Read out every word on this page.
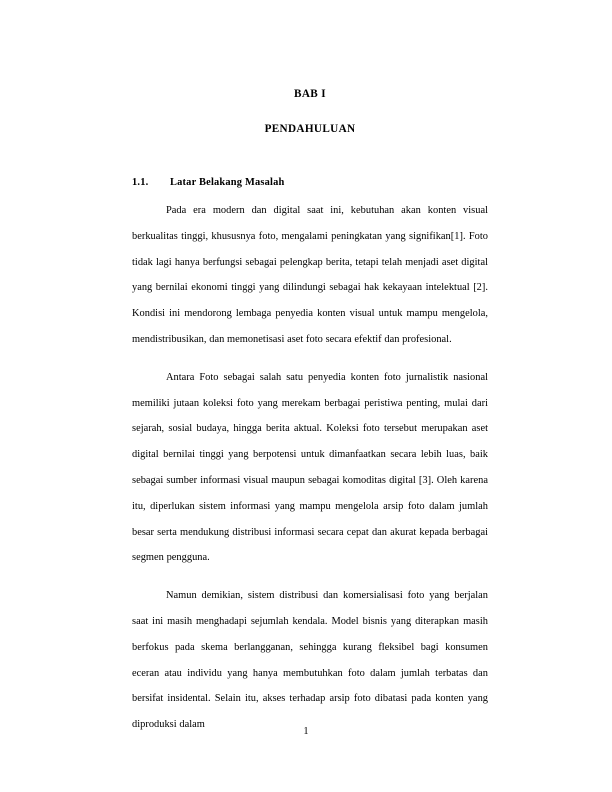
BAB I
PENDAHULUAN
1.1. Latar Belakang Masalah

Pada era modern dan digital saat ini, kebutuhan akan konten visual berkualitas tinggi, khususnya foto, mengalami peningkatan yang signifikan[1]. Foto tidak lagi hanya berfungsi sebagai pelengkap berita, tetapi telah menjadi aset digital yang bernilai ekonomi tinggi yang dilindungi sebagai hak kekayaan intelektual [2]. Kondisi ini mendorong lembaga penyedia konten visual untuk mampu mengelola, mendistribusikan, dan memonetisasi aset foto secara efektif dan profesional.

Antara Foto sebagai salah satu penyedia konten foto jurnalistik nasional memiliki jutaan koleksi foto yang merekam berbagai peristiwa penting, mulai dari sejarah, sosial budaya, hingga berita aktual. Koleksi foto tersebut merupakan aset digital bernilai tinggi yang berpotensi untuk dimanfaatkan secara lebih luas, baik sebagai sumber informasi visual maupun sebagai komoditas digital [3]. Oleh karena itu, diperlukan sistem informasi yang mampu mengelola arsip foto dalam jumlah besar serta mendukung distribusi informasi secara cepat dan akurat kepada berbagai segmen pengguna.

Namun demikian, sistem distribusi dan komersialisasi foto yang berjalan saat ini masih menghadapi sejumlah kendala. Model bisnis yang diterapkan masih berfokus pada skema berlangganan, sehingga kurang fleksibel bagi konsumen eceran atau individu yang hanya membutuhkan foto dalam jumlah terbatas dan bersifat insidental. Selain itu, akses terhadap arsip foto dibatasi pada konten yang diproduksi dalam

1
